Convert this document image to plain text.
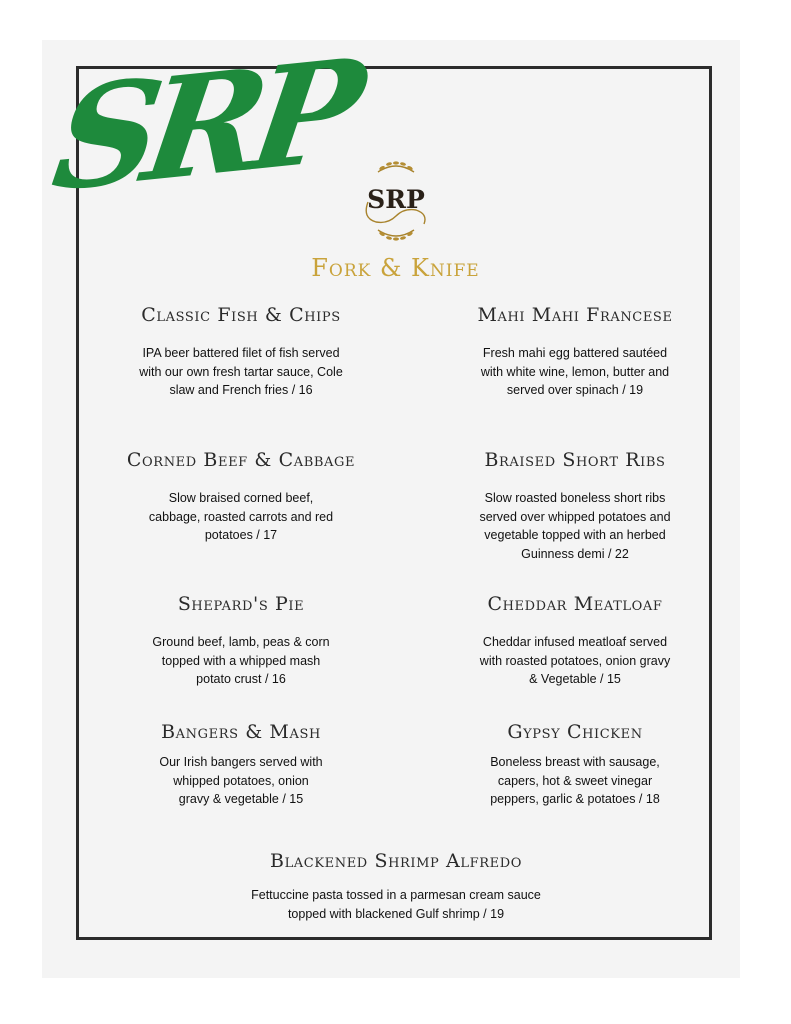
SRP SRP
Fork & Knife
Classic Fish & Chips
IPA beer battered filet of fish served
with our own fresh tartar sauce, Cole
slaw and French fries / 16
Mahi Mahi Francese
Fresh mahi egg battered sautéed
with white wine, lemon, butter and
served over spinach / 19
Corned Beef & Cabbage
Slow braised corned beef,
cabbage, roasted carrots and red
potatoes / 17
Braised Short Ribs
Slow roasted boneless short ribs
served over whipped potatoes and
vegetable topped with an herbed
Guinness demi / 22
Shepard's Pie
Ground beef, lamb, peas & corn
topped with a whipped mash
potato crust / 16
Cheddar Meatloaf
Cheddar infused meatloaf served
with roasted potatoes, onion gravy
& Vegetable / 15
Bangers & Mash
Our Irish bangers served with
whipped potatoes, onion
gravy & vegetable / 15
Gypsy Chicken
Boneless breast with sausage,
capers, hot & sweet vinegar
peppers, garlic & potatoes / 18
Blackened Shrimp Alfredo
Fettuccine pasta tossed in a parmesan cream sauce
topped with blackened Gulf shrimp / 19
